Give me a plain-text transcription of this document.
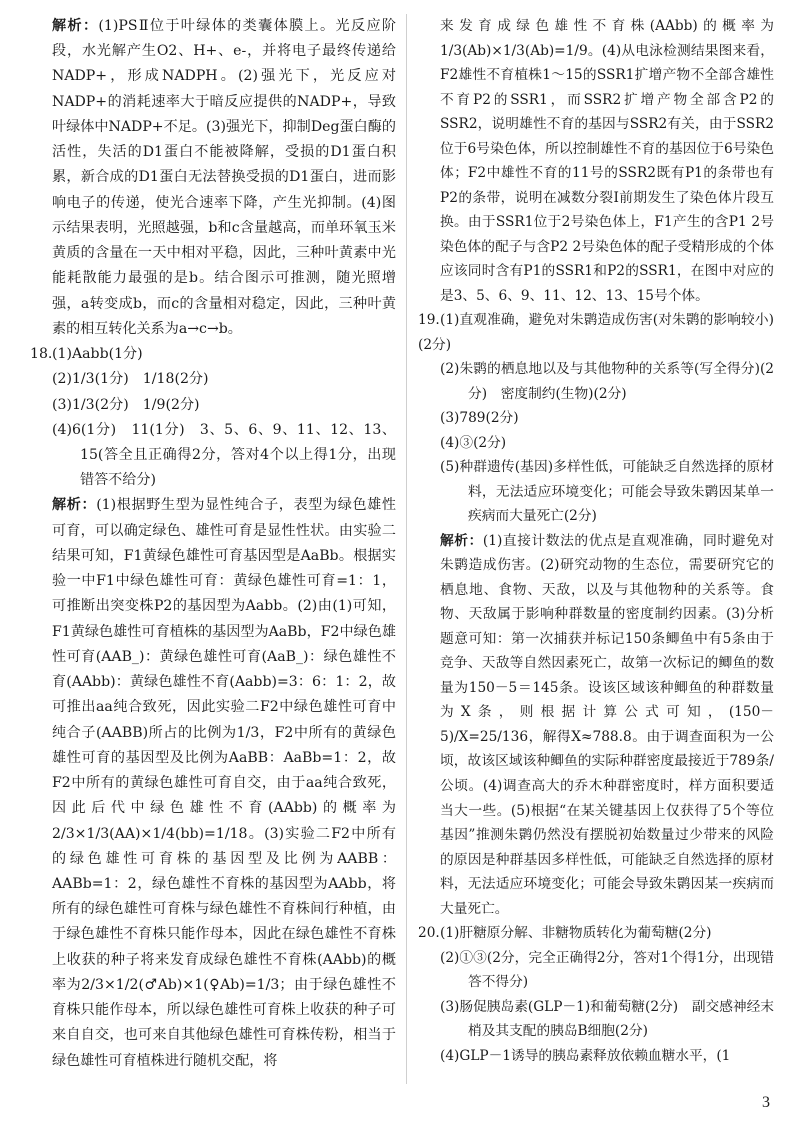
解析：(1)PSⅡ位于叶绿体的类囊体膜上。光反应阶段，水光解产生O2、H+、e-，并将电子最终传递给NADP+，形成NADPH。(2)强光下，光反应对NADP+的消耗速率大于暗反应提供的NADP+，导致叶绿体中NADP+不足。(3)强光下，抑制Deg蛋白酶的活性，失活的D1蛋白不能被降解，受损的D1蛋白积累，新合成的D1蛋白无法替换受损的D1蛋白，进而影响电子的传递，使光合速率下降，产生光抑制。(4)图示结果表明，光照越强，b和c含量越高，而单环氧玉米黄质的含量在一天中相对平稳，因此，三种叶黄素中光能耗散能力最强的是b。结合图示可推测，随光照增强，a转变成b，而c的含量相对稳定，因此，三种叶黄素的相互转化关系为a→c→b。

18.(1)Aabb(1分)

(2)1/3(1分)　1/18(2分)

(3)1/3(2分)　1/9(2分)

(4)6(1分)　11(1分)　3、5、6、9、11、12、13、15(答全且正确得2分，答对4个以上得1分，出现错答不给分)

解析：(1)根据野生型为显性纯合子，表型为绿色雄性可育，可以确定绿色、雄性可育是显性性状。由实验二结果可知，F1黄绿色雄性可育基因型是AaBb。根据实验一中F1中绿色雄性可育：黄绿色雄性可育=1：1，可推断出突变株P2的基因型为Aabb。(2)由(1)可知，F1黄绿色雄性可育植株的基因型为AaBb，F2中绿色雄性可育(AAB_)：黄绿色雄性可育(AaB_)：绿色雄性不育(AAbb)：黄绿色雄性不育(Aabb)=3：6：1：2，故可推出aa纯合致死，因此实验二F2中绿色雄性可育中纯合子(AABB)所占的比例为1/3，F2中所有的黄绿色雄性可育的基因型及比例为AaBB：AaBb=1：2，故F2中所有的黄绿色雄性可育自交，由于aa纯合致死，因此后代中绿色雄性不育(AAbb)的概率为2/3×1/3(AA)×1/4(bb)=1/18。(3)实验二F2中所有的绿色雄性可育株的基因型及比例为AABB：AABb=1：2，绿色雄性不育株的基因型为AAbb，将所有的绿色雄性可育株与绿色雄性不育株间行种植，由于绿色雄性不育株只能作母本，因此在绿色雄性不育株上收获的种子将来发育成绿色雄性不育株(AAbb)的概率为2/3×1/2(♂Ab)×1(♀Ab)=1/3；由于绿色雄性不育株只能作母本，所以绿色雄性可育株上收获的种子可来自自交，也可来自其他绿色雄性可育株传粉，相当于绿色雄性可育植株进行随机交配，将

来发育成绿色雄性不育株(AAbb)的概率为1/3(Ab)×1/3(Ab)=1/9。(4)从电泳检测结果图来看，F2雄性不育植株1～15的SSR1扩增产物不全部含雄性不育P2的SSR1，而SSR2扩增产物全部含P2的SSR2，说明雄性不育的基因与SSR2有关，由于SSR2位于6号染色体，所以控制雄性不育的基因位于6号染色体；F2中雄性不育的11号的SSR2既有P1的条带也有P2的条带，说明在减数分裂Ⅰ前期发生了染色体片段互换。由于SSR1位于2号染色体上，F1产生的含P1 2号染色体的配子与含P2 2号染色体的配子受精形成的个体应该同时含有P1的SSR1和P2的SSR1，在图中对应的是3、5、6、9、11、12、13、15号个体。

19.(1)直观准确，避免对朱鹮造成伤害(对朱鹮的影响较小)(2分)

(2)朱鹮的栖息地以及与其他物种的关系等(写全得分)(2分)　密度制约(生物)(2分)

(3)789(2分)

(4)③(2分)

(5)种群遗传(基因)多样性低，可能缺乏自然选择的原材料，无法适应环境变化；可能会导致朱鹮因某单一疾病而大量死亡(2分)

解析：(1)直接计数法的优点是直观准确，同时避免对朱鹮造成伤害。(2)研究动物的生态位，需要研究它的栖息地、食物、天敌，以及与其他物种的关系等。食物、天敌属于影响种群数量的密度制约因素。(3)分析题意可知：第一次捕获并标记150条鲫鱼中有5条由于竞争、天敌等自然因素死亡，故第一次标记的鲫鱼的数量为150－5＝145条。设该区域该种鲫鱼的种群数量为X条，则根据计算公式可知，(150－5)/X=25/136，解得X≈788.8。由于调查面积为一公顷，故该区域该种鲫鱼的实际种群密度最接近于789条/公顷。(4)调查高大的乔木种群密度时，样方面积要适当大一些。(5)根据“在某关键基因上仅获得了5个等位基因”推测朱鹮仍然没有摆脱初始数量过少带来的风险的原因是种群基因多样性低，可能缺乏自然选择的原材料，无法适应环境变化；可能会导致朱鹮因某一疾病而大量死亡。

20.(1)肝糖原分解、非糖物质转化为葡萄糖(2分)

(2)①③(2分，完全正确得2分，答对1个得1分，出现错答不得分)

(3)肠促胰岛素(GLP－1)和葡萄糖(2分)　副交感神经末梢及其支配的胰岛B细胞(2分)

(4)GLP－1诱导的胰岛素释放依赖血糖水平，(1

3
